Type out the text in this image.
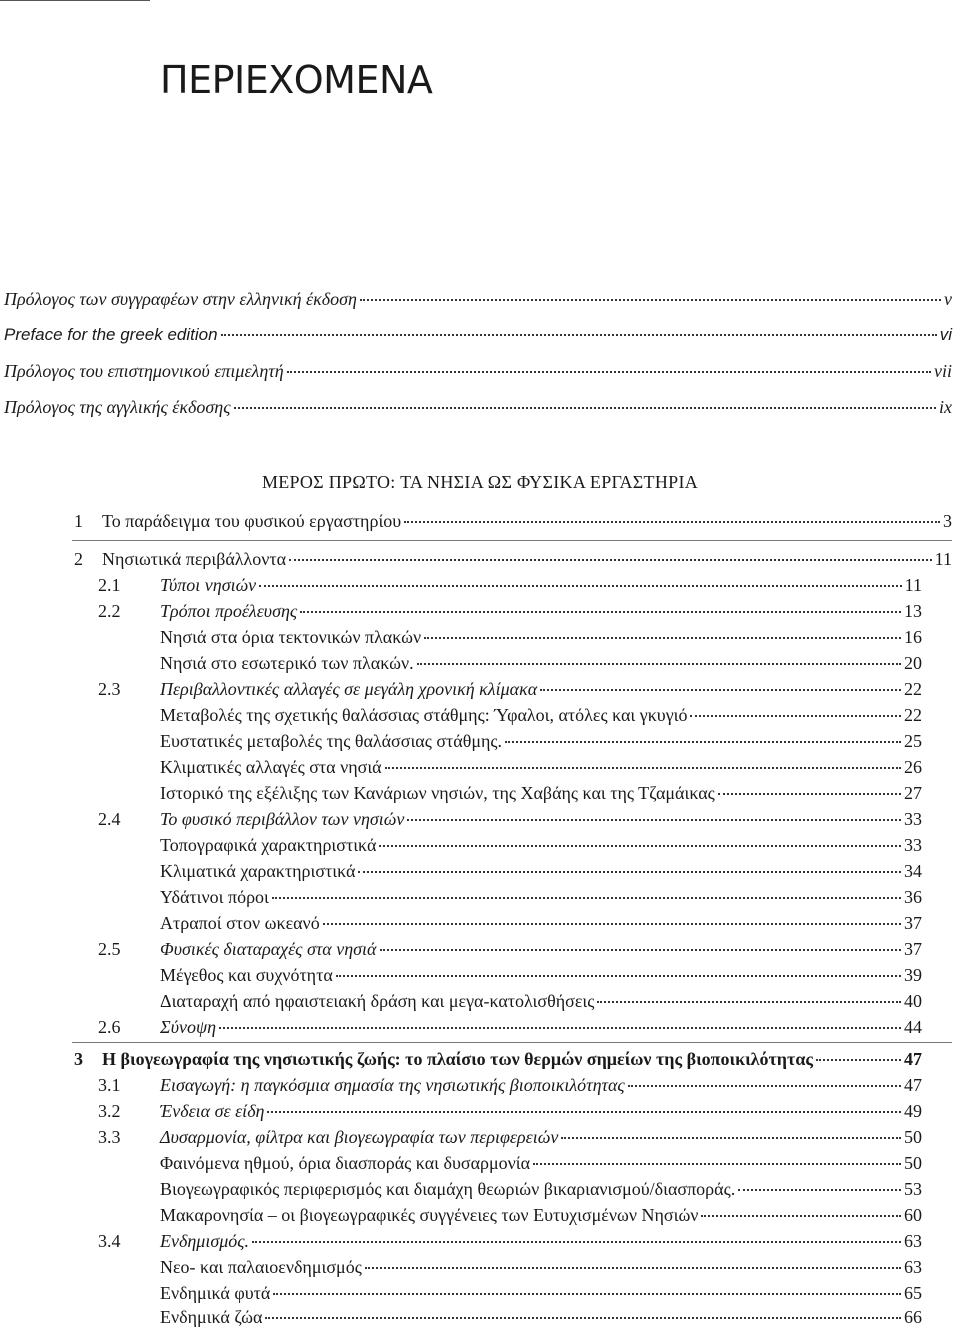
ΠΕΡΙΕΧΟΜΕΝΑ
Πρόλογος των συγγραφέων στην ελληνική έκδοση	v
Preface for the greek edition	vi
Πρόλογος του επιστημονικού επιμελητή	vii
Πρόλογος της αγγλικής έκδοσης	ix
ΜΕΡΟΣ ΠΡΩΤΟ: ΤΑ ΝΗΣΙΑ ΩΣ ΦΥΣΙΚΑ ΕΡΓΑΣΤΗΡΙΑ
1	Το παράδειγμα του φυσικού εργαστηρίου	3
2	Νησιωτικά περιβάλλοντα	11
2.1	Τύποι νησιών	11
2.2	Τρόποι προέλευσης	13
Νησιά στα όρια τεκτονικών πλακών	16
Νησιά στο εσωτερικό των πλακών.	20
2.3	Περιβαλλοντικές αλλαγές σε μεγάλη χρονική κλίμακα	22
Μεταβολές της σχετικής θαλάσσιας στάθμης: Ύφαλοι, ατόλες και γκυγιό	22
Ευστατικές μεταβολές της θαλάσσιας στάθμης.	25
Κλιματικές αλλαγές στα νησιά	26
Ιστορικό της εξέλιξης των Κανάριων νησιών, της Χαβάης και της Τζαμάικας	27
2.4	Το φυσικό περιβάλλον των νησιών	33
Τοπογραφικά χαρακτηριστικά	33
Κλιματικά χαρακτηριστικά	34
Υδάτινοι πόροι	36
Ατραποί στον ωκεανό	37
2.5	Φυσικές διαταραχές στα νησιά	37
Μέγεθος και συχνότητα	39
Διαταραχή από ηφαιστειακή δράση και μεγα-κατολισθήσεις	40
2.6	Σύνοψη	44
3	Η βιογεωγραφία της νησιωτικής ζωής: το πλαίσιο των θερμών σημείων της βιοποικιλότητας	47
3.1	Εισαγωγή: η παγκόσμια σημασία της νησιωτικής βιοποικιλότητας	47
3.2	Ένδεια σε είδη	49
3.3	Δυσαρμονία, φίλτρα και βιογεωγραφία των περιφερειών	50
Φαινόμενα ηθμού, όρια διασποράς και δυσαρμονία	50
Βιογεωγραφικός περιφερισμός και διαμάχη θεωριών βικαριανισμού/διασποράς.	53
Μακαρονησία – οι βιογεωγραφικές συγγένειες των Ευτυχισμένων Νησιών	60
3.4	Ενδημισμός.	63
Νεο- και παλαιοενδημισμός	63
Ενδημικά φυτά	65
Ενδημικά ζώα	66
